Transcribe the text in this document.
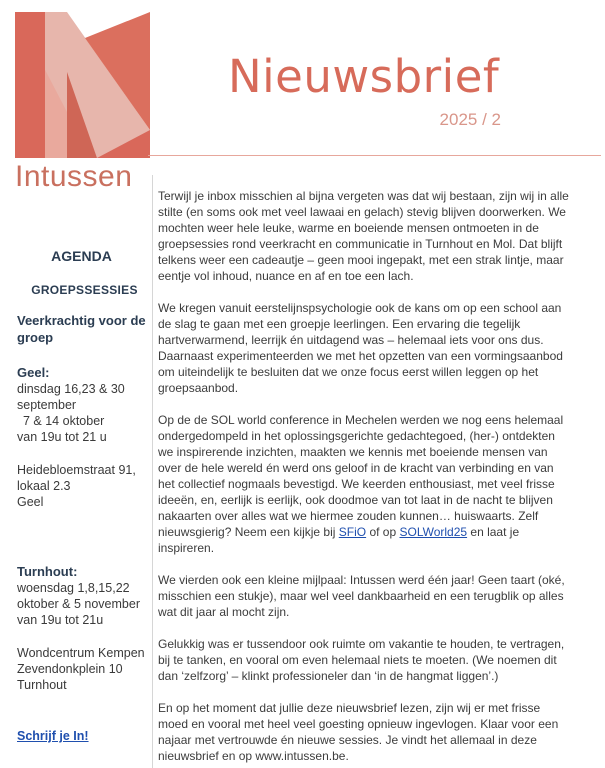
Intussen
Nieuwsbrief
2025 / 2
AGENDA
GROEPSSESSIES
Veerkrachtig voor de groep
Geel:
dinsdag 16,23 & 30 september
7 & 14 oktober
van 19u tot 21 u
Heidebloemstraat 91, lokaal 2.3
Geel
Turnhout:
woensdag 1,8,15,22 oktober & 5 november
van 19u tot 21u
Wondcentrum Kempen
Zevendonkplein 10
Turnhout
Schrijf je In!

Terwijl je inbox misschien al bijna vergeten was dat wij bestaan, zijn wij in alle stilte (en soms ook met veel lawaai en gelach) stevig blijven doorwerken. We mochten weer hele leuke, warme en boeiende mensen ontmoeten in de groepsessies rond veerkracht en communicatie in Turnhout en Mol. Dat blijft telkens weer een cadeautje – geen mooi ingepakt, met een strak lintje, maar eentje vol inhoud, nuance en af en toe een lach.

We kregen vanuit eerstelijnspsychologie ook de kans om op een school aan de slag te gaan met een groepje leerlingen. Een ervaring die tegelijk hartverwarmend, leerrijk én uitdagend was – helemaal iets voor ons dus. Daarnaast experimenteerden we met het opzetten van een vormingsaanbod om uiteindelijk te besluiten dat we onze focus eerst willen leggen op het groepsaanbod.

Op de de SOL world conference in Mechelen werden we nog eens helemaal ondergedompeld in het oplossingsgerichte gedachtegoed, (her-) ontdekten we inspirerende inzichten, maakten we kennis met boeiende mensen van over de hele wereld én werd ons geloof in de kracht van verbinding en van het collectief nogmaals bevestigd. We keerden enthousiast, met veel frisse ideeën, en, eerlijk is eerlijk, ook doodmoe van tot laat in de nacht te blijven nakaarten over alles wat we hiermee zouden kunnen… huiswaarts. Zelf nieuwsgierig? Neem een kijkje bij SFiO of op SOLWorld25 en laat je inspireren.

We vierden ook een kleine mijlpaal: Intussen werd één jaar! Geen taart (oké, misschien een stukje), maar wel veel dankbaarheid en een terugblik op alles wat dit jaar al mocht zijn.

Gelukkig was er tussendoor ook ruimte om vakantie te houden, te vertragen, bij te tanken, en vooral om even helemaal niets te moeten. (We noemen dit dan ‘zelfzorg’ – klinkt professioneler dan ‘in de hangmat liggen’.)

En op het moment dat jullie deze nieuwsbrief lezen, zijn wij er met frisse moed en vooral met heel veel goesting opnieuw ingevlogen. Klaar voor een najaar met vertrouwde én nieuwe sessies. Je vindt het allemaal in deze nieuwsbrief en op www.intussen.be.
